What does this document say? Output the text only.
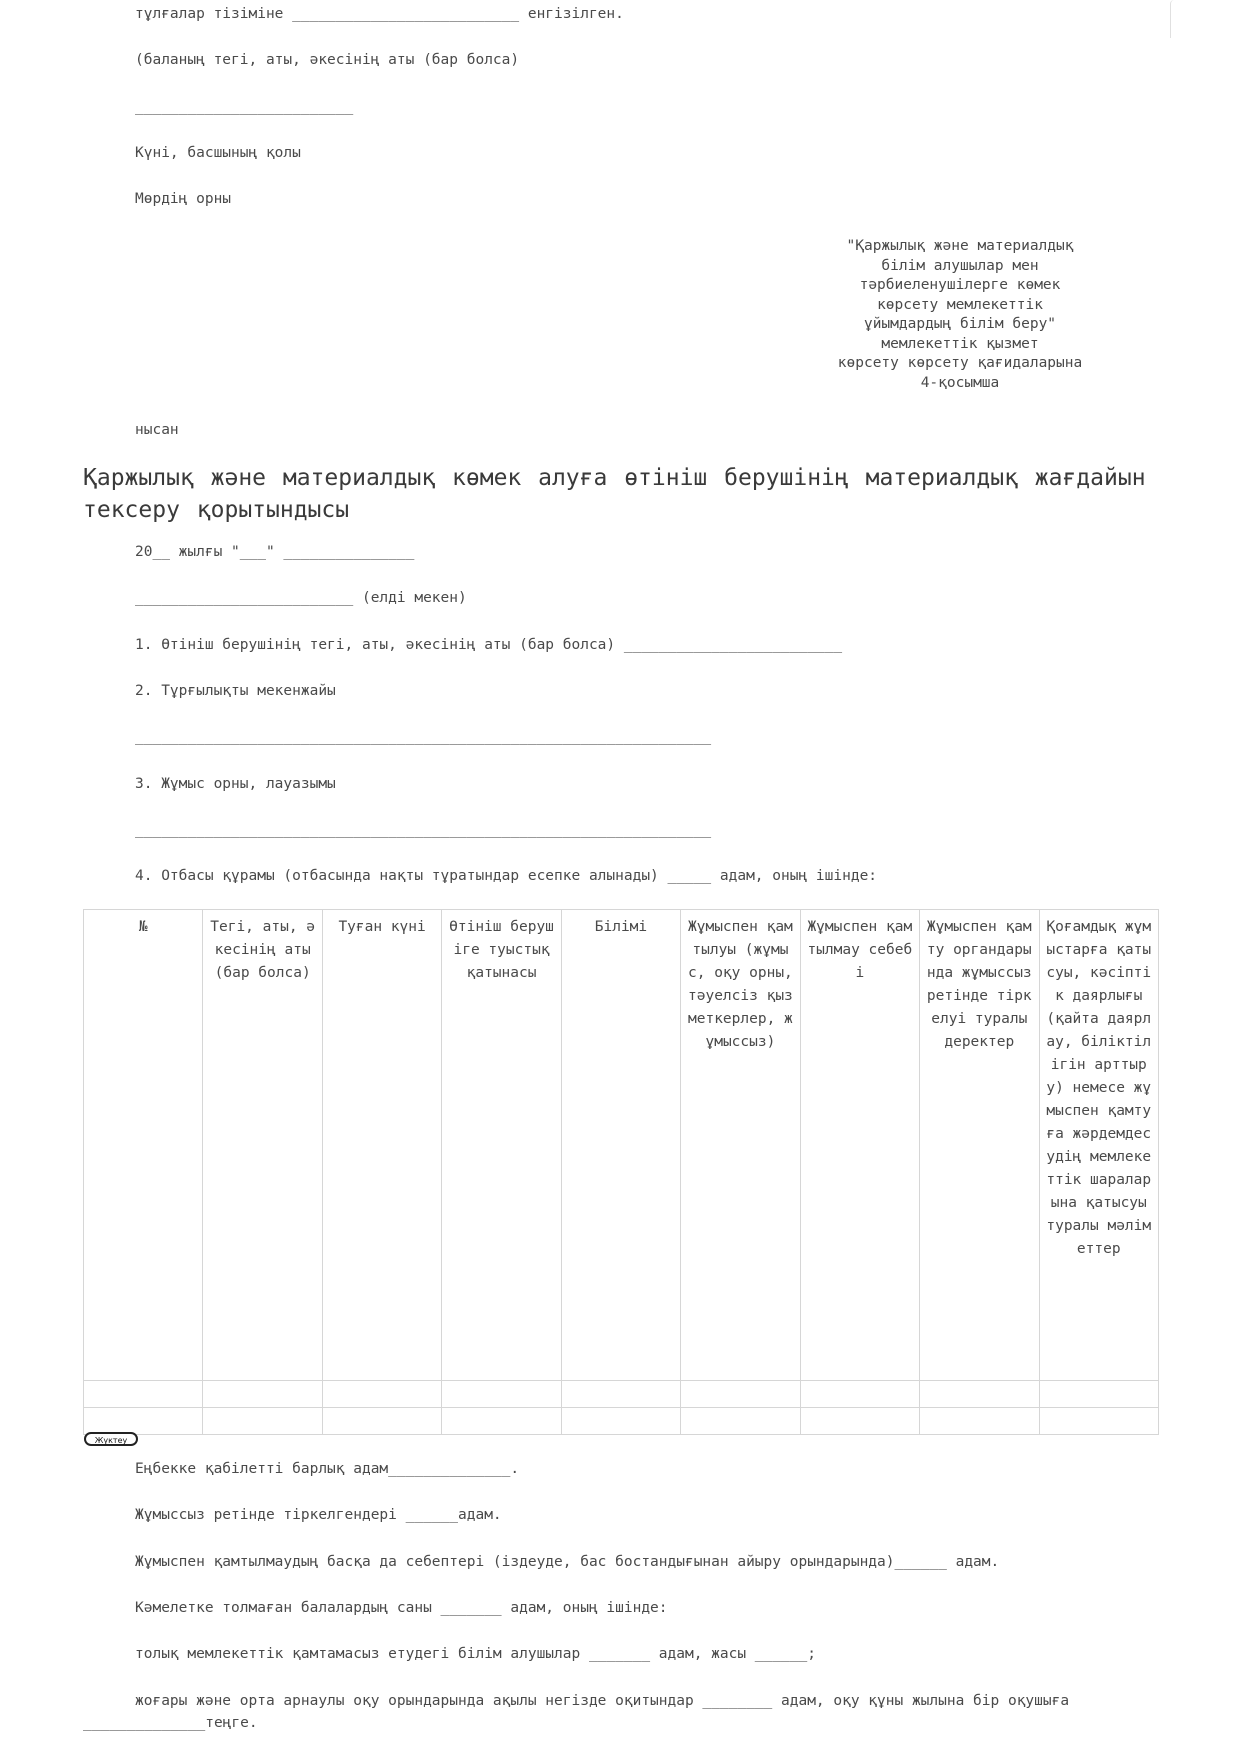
тұлғалар тізіміне __________________________ енгізілген.

(баланың тегі, аты, әкесінің аты (бар болса)

_________________________

Күні, басшының қолы

Мөрдің орны

"Қаржылық және материалдық
білім алушылар мен
тәрбиеленушілерге көмек
көрсету мемлекеттік
ұйымдардың білім беру"
мемлекеттік қызмет
көрсету көрсету қағидаларына
4-қосымша

нысан

Қаржылық және материалдық көмек алуға өтініш берушінің материалдық жағдайын тексеру қорытындысы

20__ жылғы "___" _______________

_________________________ (елді мекен)

1. Өтініш берушінің тегі, аты, әкесінің аты (бар болса) _________________________

2. Тұрғылықты мекенжайы

__________________________________________________________________

3. Жұмыс орны, лауазымы

__________________________________________________________________

4. Отбасы құрамы (отбасында нақты тұратындар есепке алынады) _____ адам, оның ішінде:

№	Тегі, аты, әкесінің аты (бар болса)	Туған күні	Өтініш берушіге туыстық қатынасы	Білімі	Жұмыспен қамтылуы (жұмыс, оқу орны, тәуелсіз қызметкерлер, жұмыссыз)	Жұмыспен қамтылмау себебі	Жұмыспен қамту органдарында жұмыссыз ретінде тіркелуі туралы деректер	Қоғамдық жұмыстарға қатысуы, кәсіптік даярлығы (қайта даярлау, біліктілігін арттыру) немесе жұмыспен қамтуға жәрдемдесудің мемлекеттік шараларына қатысуы туралы мәліметтер

Жүктеу

Еңбекке қабілетті барлық адам______________.

Жұмыссыз ретінде тіркелгендері ______адам.

Жұмыспен қамтылмаудың басқа да себептері (іздеуде, бас бостандығынан айыру орындарында)______ адам.

Кәмелетке толмаған балалардың саны _______ адам, оның ішінде:

толық мемлекеттік қамтамасыз етудегі білім алушылар _______ адам, жасы ______;

жоғары және орта арнаулы оқу орындарында ақылы негізде оқитындар ________ адам, оқу құны жылына бір оқушыға

______________теңге.
